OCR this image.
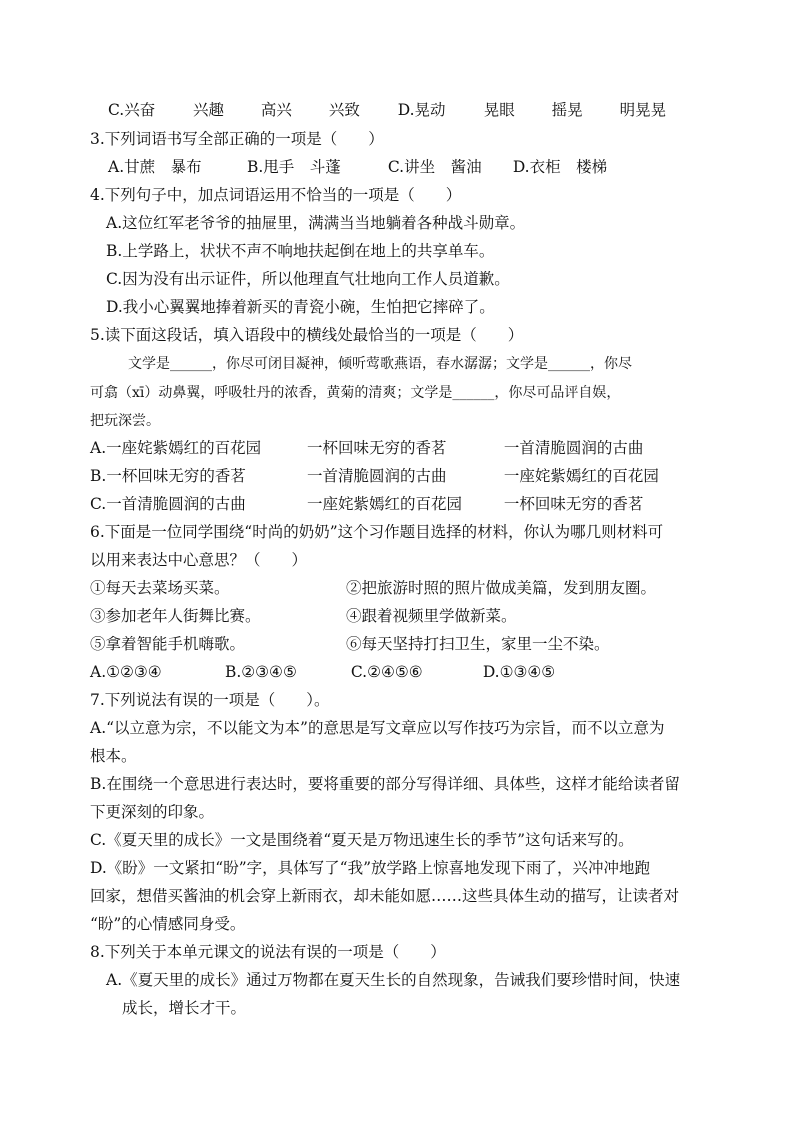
C.兴奋 兴趣 高兴 兴致 D.晃动 晃眼 摇晃 明晃晃
3.下列词语书写全部正确的一项是（　　）
A.甘蔗　暴布	B.甩手　斗蓬	C.讲坐　酱油 D.衣柜　楼梯
4.下列句子中，加点词语运用不恰当的一项是（　　）
A.这位红军老爷爷的抽屉里，满满当当地躺着各种战斗勋章。
B.上学路上，状状不声不响地扶起倒在地上的共享单车。
C.因为没有出示证件，所以他理直气壮地向工作人员道歉。
D.我小心翼翼地捧着新买的青瓷小碗，生怕把它摔碎了。
5.读下面这段话，填入语段中的横线处最恰当的一项是（　　）
文学是______，你尽可闭目凝神，倾听莺歌燕语，春水潺潺；文学是______，你尽
可翕（xī）动鼻翼，呼吸牡丹的浓香，黄菊的清爽；文学是______，你尽可品评自娱，
把玩深尝。
A.一座姹紫嫣红的百花园	一杯回味无穷的香茗	一首清脆圆润的古曲
B.一杯回味无穷的香茗	一首清脆圆润的古曲	一座姹紫嫣红的百花园
C.一首清脆圆润的古曲	一座姹紫嫣红的百花园	一杯回味无穷的香茗
6.下面是一位同学围绕“时尚的奶奶”这个习作题目选择的材料，你认为哪几则材料可
以用来表达中心意思？（　　）
①每天去菜场买菜。	②把旅游时照的照片做成美篇，发到朋友圈。
③参加老年人街舞比赛。	④跟着视频里学做新菜。
⑤拿着智能手机嗨歌。	⑥每天坚持打扫卫生，家里一尘不染。
A.①②③④	B.②③④⑤	C.②④⑤⑥	D.①③④⑤
7.下列说法有误的一项是（　　）。
A.“以立意为宗，不以能文为本”的意思是写文章应以写作技巧为宗旨，而不以立意为
根本。
B.在围绕一个意思进行表达时，要将重要的部分写得详细、具体些，这样才能给读者留
下更深刻的印象。
C.《夏天里的成长》一文是围绕着“夏天是万物迅速生长的季节”这句话来写的。
D.《盼》一文紧扣“盼”字，具体写了“我”放学路上惊喜地发现下雨了，兴冲冲地跑
回家，想借买酱油的机会穿上新雨衣，却未能如愿……这些具体生动的描写，让读者对
“盼”的心情感同身受。
8.下列关于本单元课文的说法有误的一项是（　　）
A.《夏天里的成长》通过万物都在夏天生长的自然现象，告诫我们要珍惜时间，快速
成长，增长才干。
